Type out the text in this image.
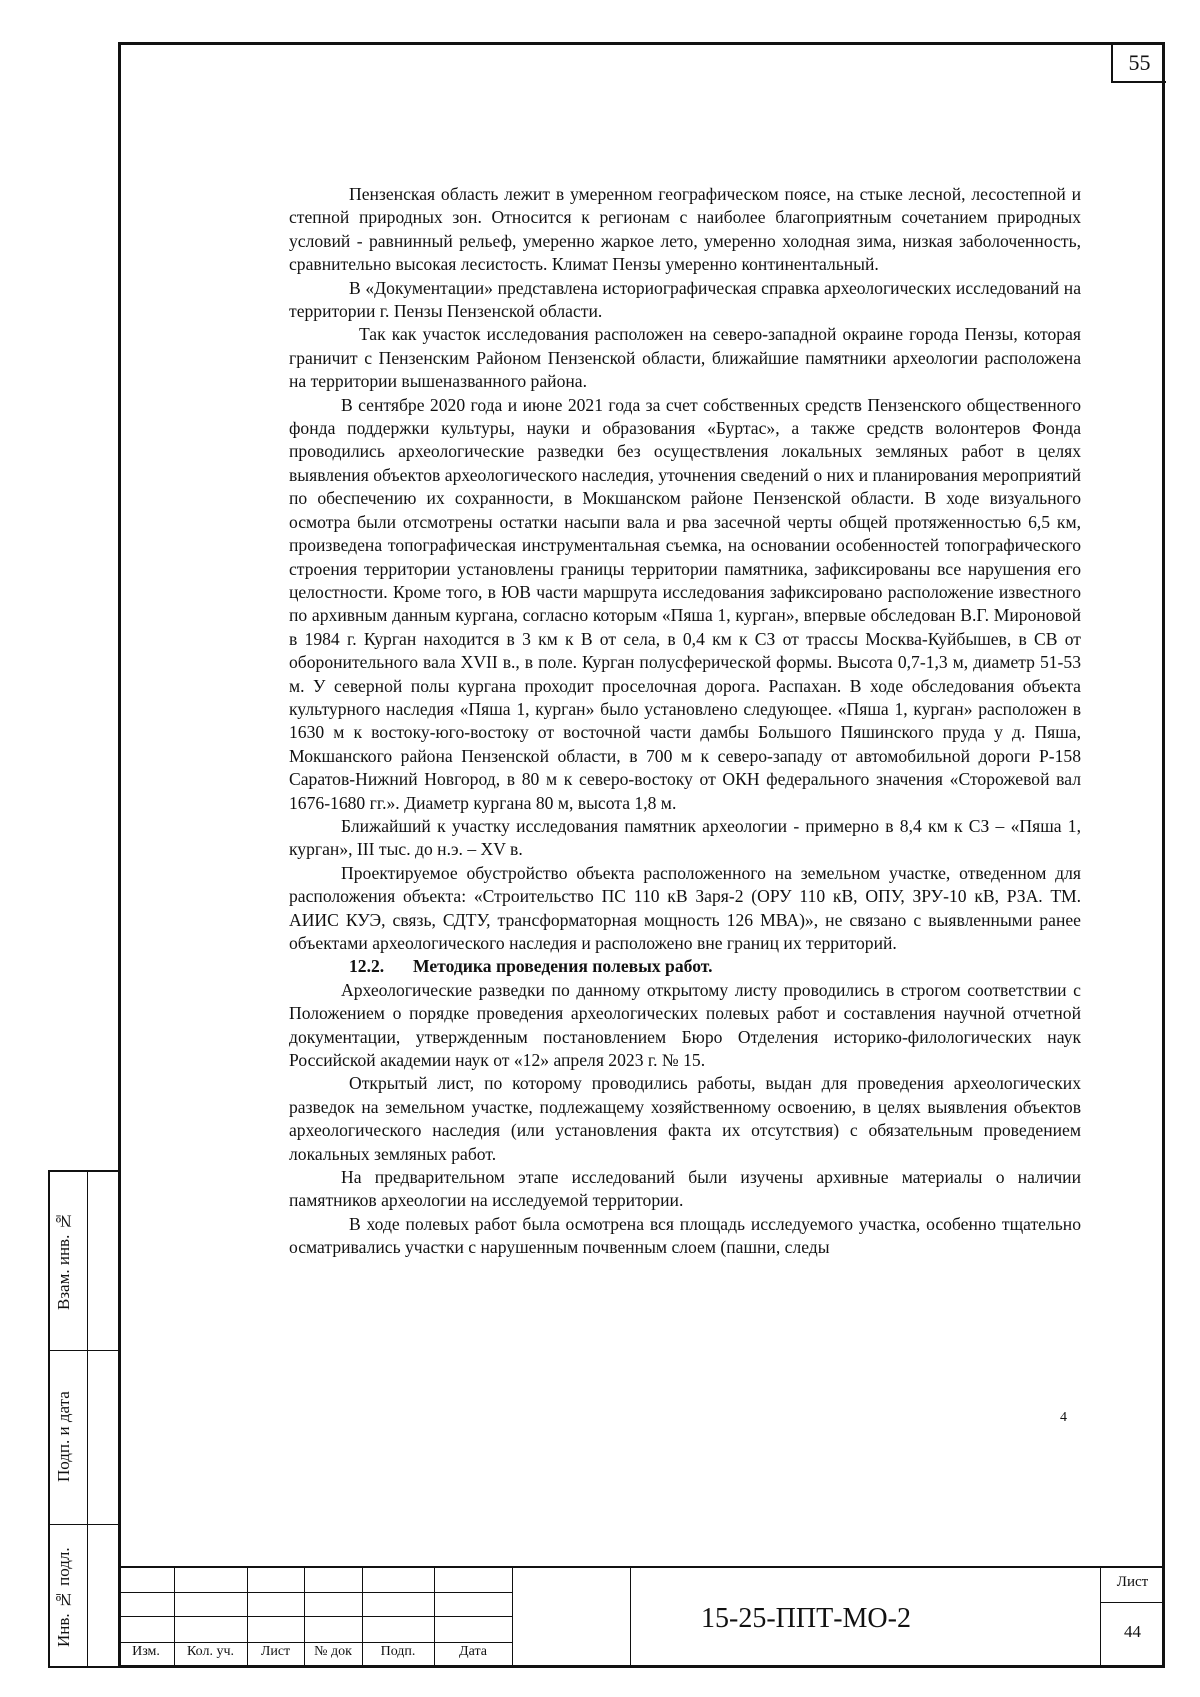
55

Пензенская область лежит в умеренном географическом поясе, на стыке лесной, лесостепной и степной природных зон. Относится к регионам с наиболее благоприятным сочетанием природных условий - равнинный рельеф, умеренно жаркое лето, умеренно холодная зима, низкая заболоченность, сравнительно высокая лесистость. Климат Пензы умеренно континентальный.

В «Документации» представлена историографическая справка археологических исследований на территории г. Пензы Пензенской области.

Так как участок исследования расположен на северо-западной окраине города Пензы, которая граничит с Пензенским Районом Пензенской области, ближайшие памятники археологии расположена на территории вышеназванного района.

В сентябре 2020 года и июне 2021 года за счет собственных средств Пензенского общественного фонда поддержки культуры, науки и образования «Буртас», а также средств волонтеров Фонда проводились археологические разведки без осуществления локальных земляных работ в целях выявления объектов археологического наследия, уточнения сведений о них и планирования мероприятий по обеспечению их сохранности, в Мокшанском районе Пензенской области. В ходе визуального осмотра были отсмотрены остатки насыпи вала и рва засечной черты общей протяженностью 6,5 км, произведена топографическая инструментальная съемка, на основании особенностей топографического строения территории установлены границы территории памятника, зафиксированы все нарушения его целостности. Кроме того, в ЮВ части маршрута исследования зафиксировано расположение известного по архивным данным кургана, согласно которым «Пяша 1, курган», впервые обследован В.Г. Мироновой в 1984 г. Курган находится в 3 км к В от села, в 0,4 км к СЗ от трассы Москва-Куйбышев, в СВ от оборонительного вала XVII в., в поле. Курган полусферической формы. Высота 0,7-1,3 м, диаметр 51-53 м. У северной полы кургана проходит проселочная дорога. Распахан. В ходе обследования объекта культурного наследия «Пяша 1, курган» было установлено следующее. «Пяша 1, курган» расположен в 1630 м к востоку-юго-востоку от восточной части дамбы Большого Пяшинского пруда у д. Пяша, Мокшанского района Пензенской области, в 700 м к северо-западу от автомобильной дороги Р-158 Саратов-Нижний Новгород, в 80 м к северо-востоку от ОКН федерального значения «Сторожевой вал 1676-1680 гг.». Диаметр кургана 80 м, высота 1,8 м.

Ближайший к участку исследования памятник археологии - примерно в 8,4 км к СЗ – «Пяша 1, курган», III тыс. до н.э. – XV в.

Проектируемое обустройство объекта расположенного на земельном участке, отведенном для расположения объекта: «Строительство ПС 110 кВ Заря-2 (ОРУ 110 кВ, ОПУ, ЗРУ-10 кВ, РЗА. ТМ. АИИС КУЭ, связь, СДТУ, трансформаторная мощность 126 МВА)», не связано с выявленными ранее объектами археологического наследия и расположено вне границ их территорий.

12.2. Методика проведения полевых работ.

Археологические разведки по данному открытому листу проводились в строгом соответствии с Положением о порядке проведения археологических полевых работ и составления научной отчетной документации, утвержденным постановлением Бюро Отделения историко-филологических наук Российской академии наук от «12» апреля 2023 г. № 15.

Открытый лист, по которому проводились работы, выдан для проведения археологических разведок на земельном участке, подлежащему хозяйственному освоению, в целях выявления объектов археологического наследия (или установления факта их отсутствия) с обязательным проведением локальных земляных работ.

На предварительном этапе исследований были изучены архивные материалы о наличии памятников археологии на исследуемой территории.

В ходе полевых работ была осмотрена вся площадь исследуемого участка, особенно тщательно осматривались участки с нарушенным почвенным слоем (пашни, следы

4
Взам. инв. №
Подп. и дата
Инв. № подл.
Изм.	Кол. уч.	Лист	№ док	Подп.	Дата
15-25-ППТ-МО-2
Лист
44
